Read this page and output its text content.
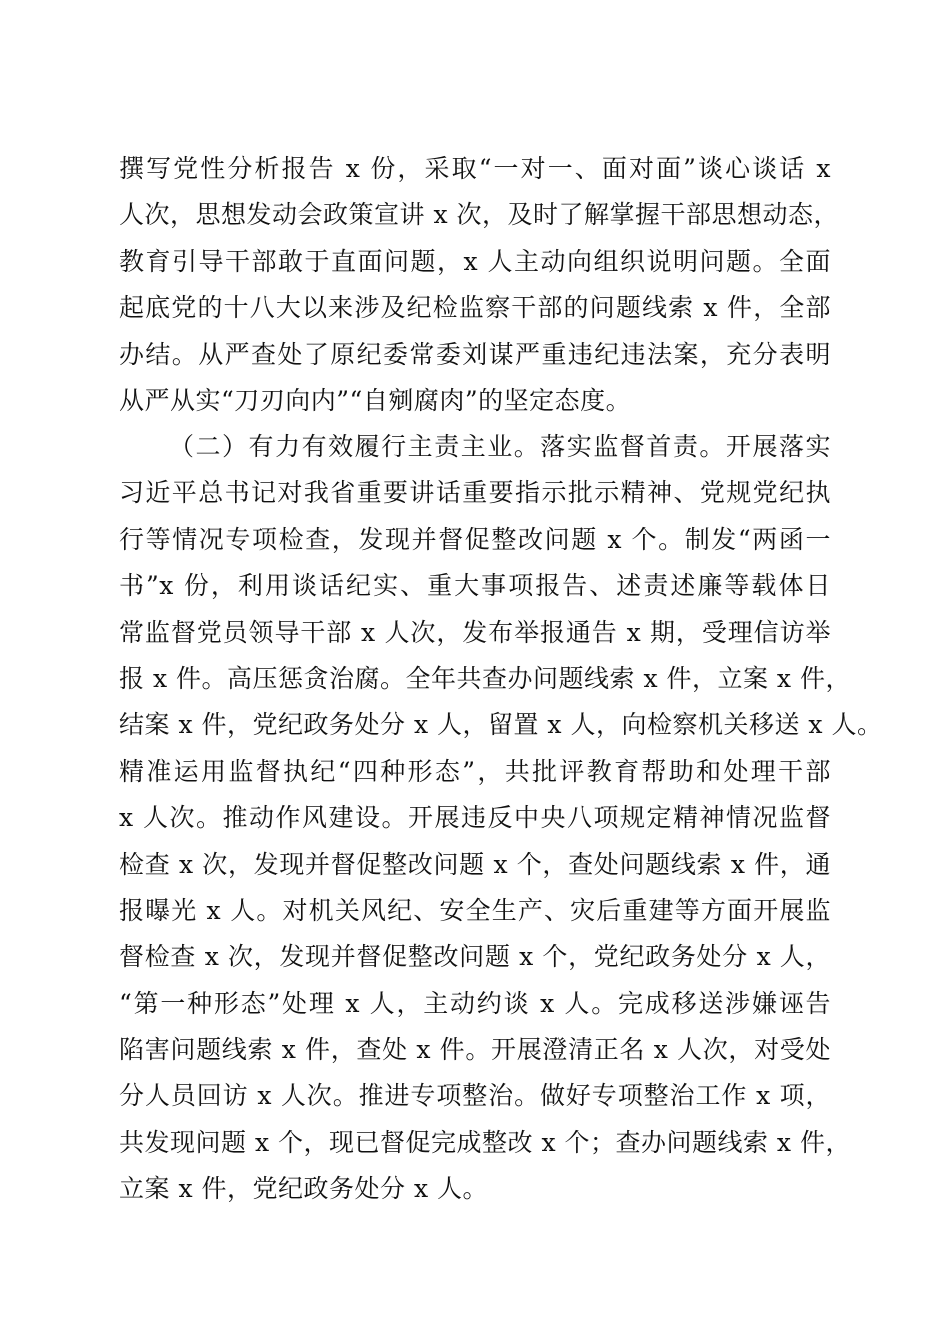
撰写党性分析报告 x 份，采取“一对一、面对面”谈心谈话 x
人次，思想发动会政策宣讲 x 次，及时了解掌握干部思想动态，
教育引导干部敢于直面问题，x 人主动向组织说明问题。全面
起底党的十八大以来涉及纪检监察干部的问题线索 x 件，全部
办结。从严查处了原纪委常委刘谋严重违纪违法案，充分表明
从严从实“刀刃向内”“自剜腐肉”的坚定态度。
（二）有力有效履行主责主业。落实监督首责。开展落实
习近平总书记对我省重要讲话重要指示批示精神、党规党纪执
行等情况专项检查，发现并督促整改问题 x 个。制发“两函一
书”x 份，利用谈话纪实、重大事项报告、述责述廉等载体日
常监督党员领导干部 x 人次，发布举报通告 x 期，受理信访举
报 x 件。高压惩贪治腐。全年共查办问题线索 x 件，立案 x 件，
结案 x 件，党纪政务处分 x 人，留置 x 人，向检察机关移送 x 人。
精准运用监督执纪“四种形态”，共批评教育帮助和处理干部
x 人次。推动作风建设。开展违反中央八项规定精神情况监督
检查 x 次，发现并督促整改问题 x 个，查处问题线索 x 件，通
报曝光 x 人。对机关风纪、安全生产、灾后重建等方面开展监
督检查 x 次，发现并督促整改问题 x 个，党纪政务处分 x 人，
“第一种形态”处理 x 人，主动约谈 x 人。完成移送涉嫌诬告
陷害问题线索 x 件，查处 x 件。开展澄清正名 x 人次，对受处
分人员回访 x 人次。推进专项整治。做好专项整治工作 x 项，
共发现问题 x 个，现已督促完成整改 x 个；查办问题线索 x 件，
立案 x 件，党纪政务处分 x 人。
